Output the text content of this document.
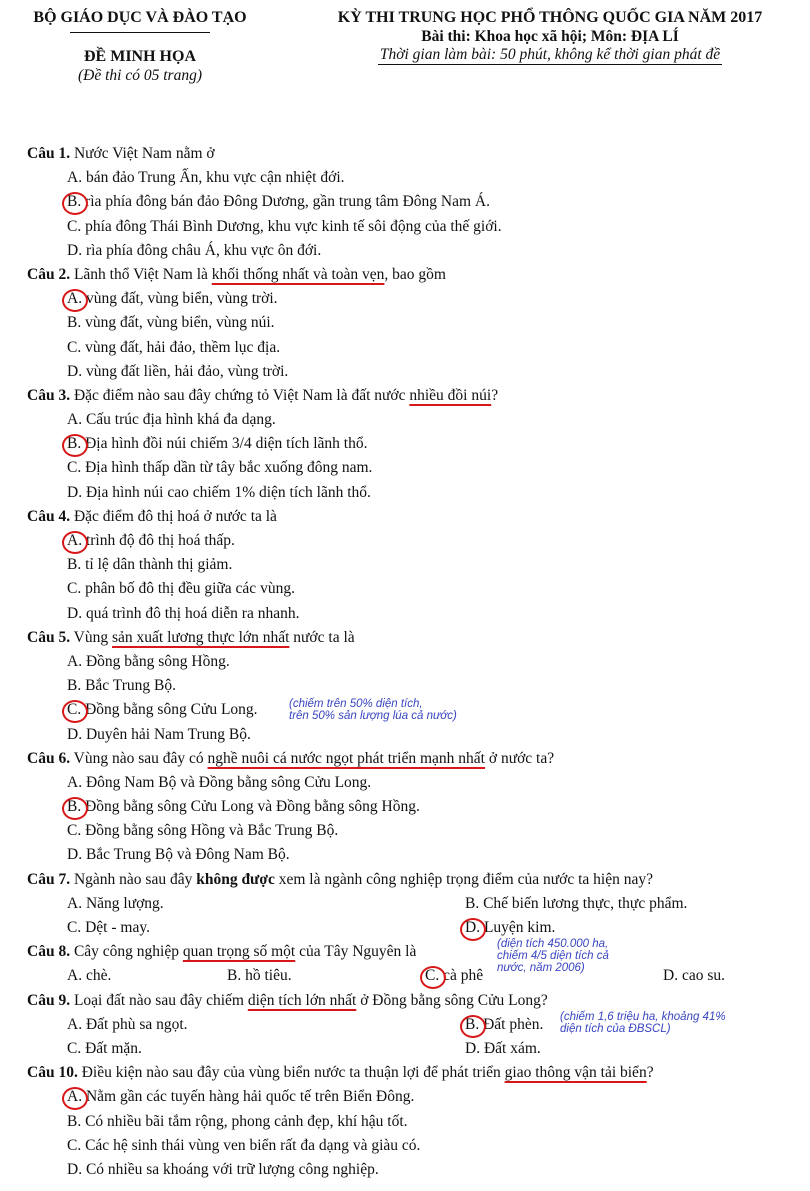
BỘ GIÁO DỤC VÀ ĐÀO TẠO
ĐỀ MINH HỌA
(Đề thi có 05 trang)
KỲ THI TRUNG HỌC PHỔ THÔNG QUỐC GIA NĂM 2017
Bài thi: Khoa học xã hội; Môn: ĐỊA LÍ
Thời gian làm bài: 50 phút, không kể thời gian phát đề
Câu 1. Nước Việt Nam nằm ở
A. bán đảo Trung Ấn, khu vực cận nhiệt đới.
B. rìa phía đông bán đảo Đông Dương, gần trung tâm Đông Nam Á.
C. phía đông Thái Bình Dương, khu vực kinh tế sôi động của thế giới.
D. rìa phía đông châu Á, khu vực ôn đới.
Câu 2. Lãnh thổ Việt Nam là khối thống nhất và toàn vẹn, bao gồm
A. vùng đất, vùng biển, vùng trời.
B. vùng đất, vùng biển, vùng núi.
C. vùng đất, hải đảo, thềm lục địa.
D. vùng đất liền, hải đảo, vùng trời.
Câu 3. Đặc điểm nào sau đây chứng tỏ Việt Nam là đất nước nhiều đồi núi?
A. Cấu trúc địa hình khá đa dạng.
B. Địa hình đồi núi chiếm 3/4 diện tích lãnh thổ.
C. Địa hình thấp dần từ tây bắc xuống đông nam.
D. Địa hình núi cao chiếm 1% diện tích lãnh thổ.
Câu 4. Đặc điểm đô thị hoá ở nước ta là
A. trình độ đô thị hoá thấp.
B. tỉ lệ dân thành thị giảm.
C. phân bố đô thị đều giữa các vùng.
D. quá trình đô thị hoá diễn ra nhanh.
Câu 5. Vùng sản xuất lương thực lớn nhất nước ta là
A. Đồng bằng sông Hồng.
B. Bắc Trung Bộ.
C. Đồng bằng sông Cửu Long.
D. Duyên hải Nam Trung Bộ.
(chiếm trên 50% diện tích,
trên 50% sản lượng lúa cả nước)
Câu 6. Vùng nào sau đây có nghề nuôi cá nước ngọt phát triển mạnh nhất ở nước ta?
A. Đông Nam Bộ và Đồng bằng sông Cửu Long.
B. Đồng bằng sông Cửu Long và Đồng bằng sông Hồng.
C. Đồng bằng sông Hồng và Bắc Trung Bộ.
D. Bắc Trung Bộ và Đông Nam Bộ.
Câu 7. Ngành nào sau đây không được xem là ngành công nghiệp trọng điểm của nước ta hiện nay?
A. Năng lượng.	B. Chế biến lương thực, thực phẩm.
C. Dệt - may.	D. Luyện kim.
Câu 8. Cây công nghiệp quan trọng số một của Tây Nguyên là
A. chè.	B. hồ tiêu.	C. cà phê	D. cao su.
(diện tích 450.000 ha,
chiếm 4/5 diện tích cả
nước, năm 2006)
Câu 9. Loại đất nào sau đây chiếm diện tích lớn nhất ở Đồng bằng sông Cửu Long?
A. Đất phù sa ngọt.	B. Đất phèn.
C. Đất mặn.	D. Đất xám.
(chiếm 1,6 triệu ha, khoảng 41%
diện tích của ĐBSCL)
Câu 10. Điều kiện nào sau đây của vùng biển nước ta thuận lợi để phát triển giao thông vận tải biển?
A. Nằm gần các tuyến hàng hải quốc tế trên Biển Đông.
B. Có nhiều bãi tắm rộng, phong cảnh đẹp, khí hậu tốt.
C. Các hệ sinh thái vùng ven biển rất đa dạng và giàu có.
D. Có nhiều sa khoáng với trữ lượng công nghiệp.
